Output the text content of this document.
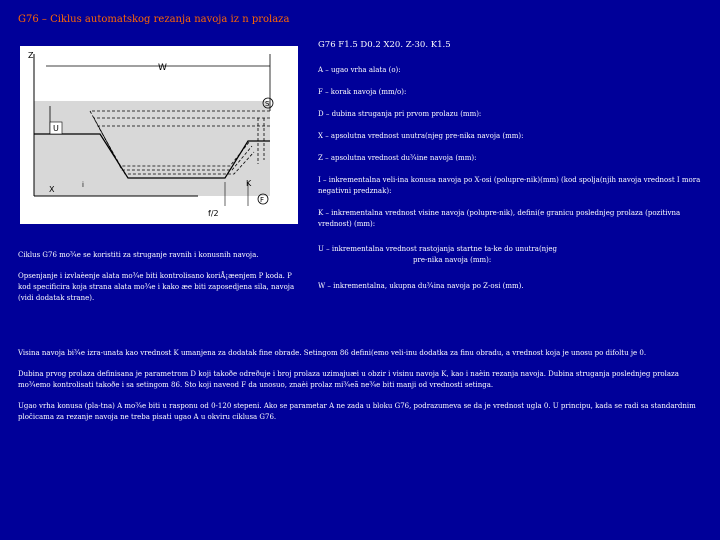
G76 – Ciklus automatskog rezanja navoja iz n prolaza
Z
W
U
X
S
K
F
i
f/2
G76 F1.5 D0.2 X20. Z-30. K1.5
A – ugao vrha alata (o):
F – korak navoja (mm/o):
D – dubina struganja pri prvom prolazu (mm):
X – apsolutna vrednost unutra(njeg pre-nika navoja (mm):
Z – apsolutna vrednost du¾ine navoja (mm):
I – inkrementalna veli-ina konusa navoja po X-osi (polupre-nik)(mm) (kod spolja(njih navoja vrednost I mora negativni predznak):
K – inkrementalna vrednost visine navoja (polupre-nik), defini(e granicu poslednjeg prolaza (pozitivna vrednost) (mm):
Ciklus G76 mo¾e se koristiti za struganje ravnih i konusnih navoja.
Opsenjanje i izvlaèenje alata mo¾e biti kontrolisano koriÅ¡æenjem P koda. P kod specificira koja strana alata mo¾e i kako æe biti zaposedjena sila, navoja (vidi dodatak strane).
U – inkrementalna vrednost rastojanja startne ta-ke do unutra(njeg
pre-nika navoja (mm):
W – inkrementalna, ukupna du¾ina navoja po Z-osi (mm).
Visina navoja bi¾e izra-unata kao vrednost K umanjena za dodatak fine obrade. Setingom 86 defini(emo veli-inu dodatka za finu obradu, a vrednost koja je unosu po difoltu je 0.
Dubina prvog prolaza definisana je parametrom D koji takoðe odreðuje i broj prolaza uzimajuæi u obzir i visinu navoja K, kao i naèin rezanja navoja. Dubina struganja poslednjeg prolaza mo¾emo kontrolisati takoðe i sa setingom 86. Sto koji naveod F da unosuo, znaèi prolaz mi¾eã ne¾e biti manji od vrednosti setinga.
Ugao vrha konusa (pla-tna) A mo¾e biti u rasponu od 0-120 stepeni. Ako se parametar A ne zada u bloku G76, podrazumeva se da je vrednost ugla 0. U principu, kada se radi sa standardnim pločicama za rezanje navoja ne treba pisati ugao A u okviru ciklusa G76.
